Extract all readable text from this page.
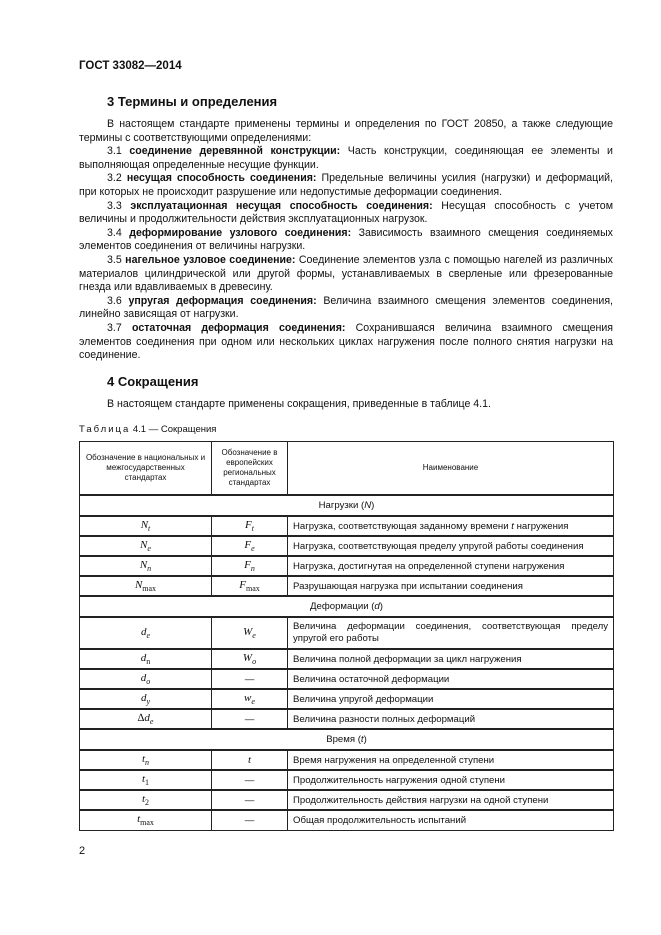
ГОСТ 33082—2014
3 Термины и определения

В настоящем стандарте применены термины и определения по ГОСТ 20850, а также следующие термины с соответствующими определениями:

3.1 соединение деревянной конструкции: Часть конструкции, соединяющая ее элементы и выполняющая определенные несущие функции.

3.2 несущая способность соединения: Предельные величины усилия (нагрузки) и деформаций, при которых не происходит разрушение или недопустимые деформации соединения.

3.3 эксплуатационная несущая способность соединения: Несущая способность с учетом величины и продолжительности действия эксплуатационных нагрузок.

3.4 деформирование узлового соединения: Зависимость взаимного смещения соединяемых элементов соединения от величины нагрузки.

3.5 нагельное узловое соединение: Соединение элементов узла с помощью нагелей из различных материалов цилиндрической или другой формы, устанавливаемых в сверленые или фрезерованные гнезда или вдавливаемых в древесину.

3.6 упругая деформация соединения: Величина взаимного смещения элементов соединения, линейно зависящая от нагрузки.

3.7 остаточная деформация соединения: Сохранившаяся величина взаимного смещения элементов соединения при одном или нескольких циклах нагружения после полного снятия нагрузки на соединение.

4 Сокращения

В настоящем стандарте применены сокращения, приведенные в таблице 4.1.

Таблица 4.1 — Сокращения
Обозначение в национальных и межгосударственных стандартах	Обозначение в европейских региональных стандартах	Наименование
Нагрузки (N)		
$N_t$	$F_t$	Нагрузка, соответствующая заданному времени t нагружения
$N_e$	$F_e$	Нагрузка, соответствующая пределу упругой работы соединения
$N_n$	$F_n$	Нагрузка, достигнутая на определенной ступени нагружения
$N_{max}$	$F_{max}$	Разрушающая нагрузка при испытании соединения
Деформации (d)		
$d_e$	$W_e$	Величина деформации соединения, соответствующая пределу упругой его работы
$d_n$	$W_o$	Величина полной деформации за цикл нагружения
$d_o$	—	Величина остаточной деформации
$d_y$	$w_e$	Величина упругой деформации
$\Delta d_e$	—	Величина разности полных деформаций
Время (t)		
$t_n$	t	Время нагружения на определенной ступени
$t_1$	—	Продолжительность нагружения одной ступени
$t_2$	—	Продолжительность действия нагрузки на одной ступени
$t_{max}$	—	Общая продолжительность испытаний
2
